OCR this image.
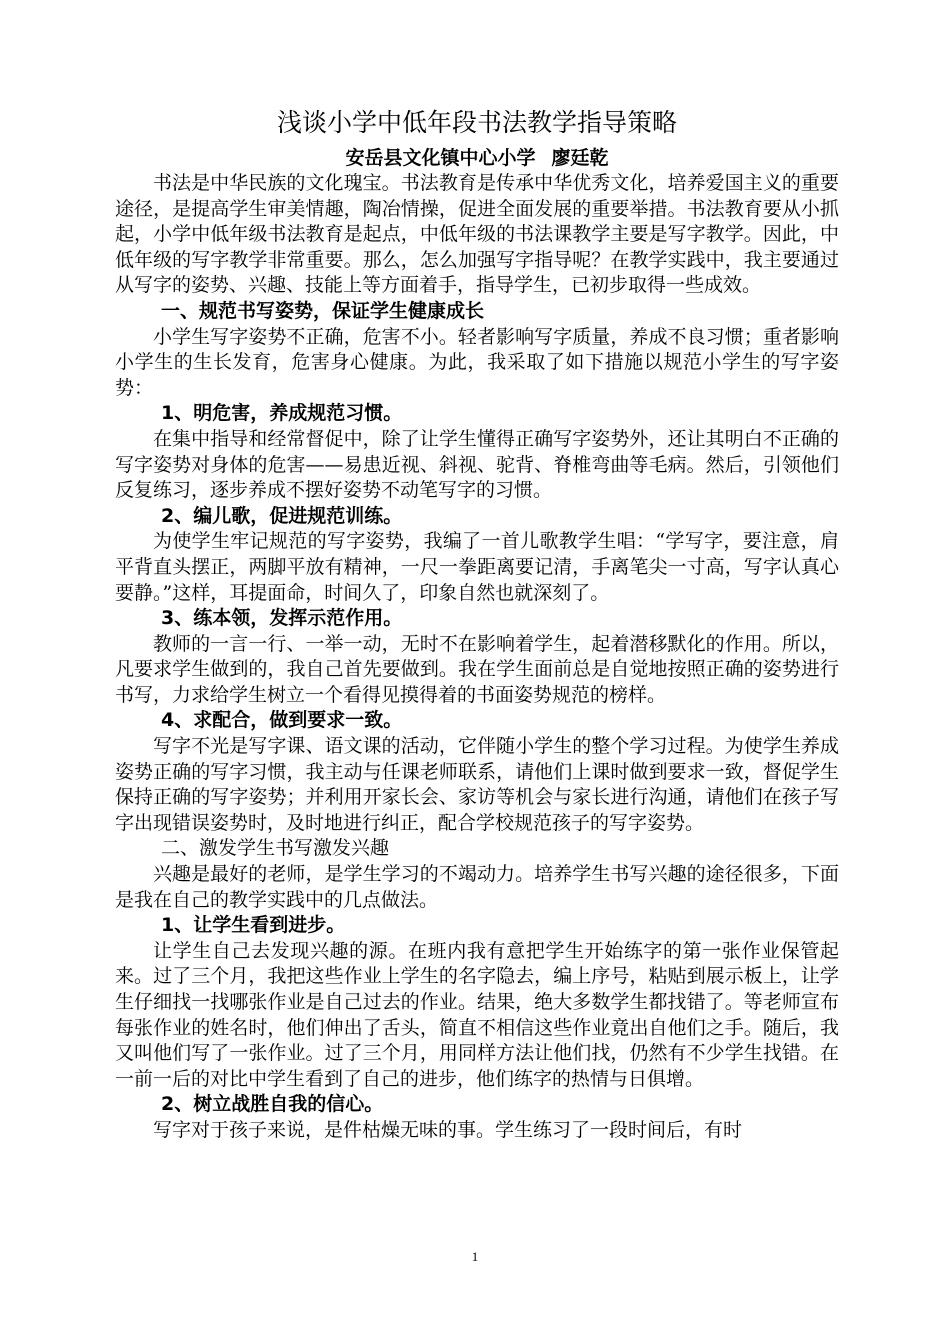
浅谈小学中低年段书法教学指导策略
安岳县文化镇中心小学 廖廷乾

书法是中华民族的文化瑰宝。书法教育是传承中华优秀文化，培养爱国主义的重要途径，是提高学生审美情趣，陶冶情操，促进全面发展的重要举措。书法教育要从小抓起，小学中低年级书法教育是起点，中低年级的书法课教学主要是写字教学。因此，中低年级的写字教学非常重要。那么，怎么加强写字指导呢？在教学实践中，我主要通过从写字的姿势、兴趣、技能上等方面着手，指导学生，已初步取得一些成效。

一、规范书写姿势，保证学生健康成长

小学生写字姿势不正确，危害不小。轻者影响写字质量，养成不良习惯；重者影响小学生的生长发育，危害身心健康。为此，我采取了如下措施以规范小学生的写字姿势：

1、明危害，养成规范习惯。

在集中指导和经常督促中，除了让学生懂得正确写字姿势外，还让其明白不正确的写字姿势对身体的危害——易患近视、斜视、驼背、脊椎弯曲等毛病。然后，引领他们反复练习，逐步养成不摆好姿势不动笔写字的习惯。

2、编儿歌，促进规范训练。

为使学生牢记规范的写字姿势，我编了一首儿歌教学生唱：“学写字，要注意，肩平背直头摆正，两脚平放有精神，一尺一拳距离要记清，手离笔尖一寸高，写字认真心要静。”这样，耳提面命，时间久了，印象自然也就深刻了。

3、练本领，发挥示范作用。

教师的一言一行、一举一动，无时不在影响着学生，起着潜移默化的作用。所以，凡要求学生做到的，我自己首先要做到。我在学生面前总是自觉地按照正确的姿势进行书写，力求给学生树立一个看得见摸得着的书面姿势规范的榜样。

4、求配合，做到要求一致。

写字不光是写字课、语文课的活动，它伴随小学生的整个学习过程。为使学生养成姿势正确的写字习惯，我主动与任课老师联系，请他们上课时做到要求一致，督促学生保持正确的写字姿势；并利用开家长会、家访等机会与家长进行沟通，请他们在孩子写字出现错误姿势时，及时地进行纠正，配合学校规范孩子的写字姿势。

二、激发学生书写激发兴趣

兴趣是最好的老师，是学生学习的不竭动力。培养学生书写兴趣的途径很多，下面是我在自己的教学实践中的几点做法。

1、让学生看到进步。

让学生自己去发现兴趣的源。在班内我有意把学生开始练字的第一张作业保管起来。过了三个月，我把这些作业上学生的名字隐去，编上序号，粘贴到展示板上，让学生仔细找一找哪张作业是自己过去的作业。结果，绝大多数学生都找错了。等老师宣布每张作业的姓名时，他们伸出了舌头，简直不相信这些作业竟出自他们之手。随后，我又叫他们写了一张作业。过了三个月，用同样方法让他们找，仍然有不少学生找错。在一前一后的对比中学生看到了自己的进步，他们练字的热情与日俱增。

2、树立战胜自我的信心。

写字对于孩子来说，是件枯燥无味的事。学生练习了一段时间后，有时

1
